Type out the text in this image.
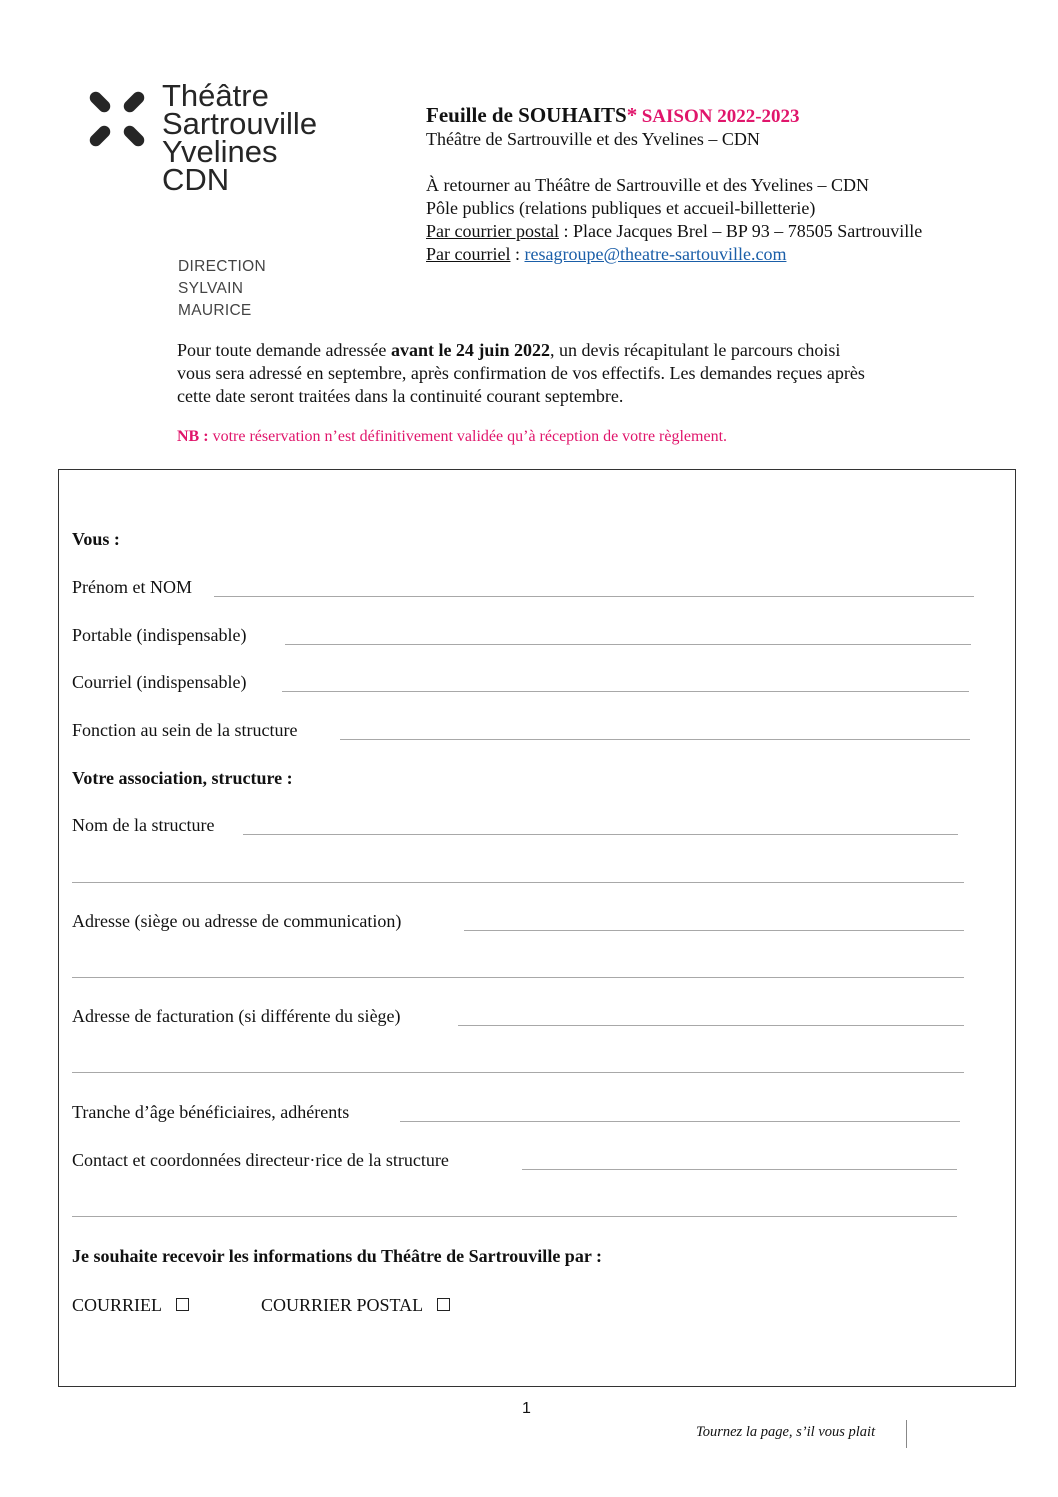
Théâtre
Sartrouville
Yvelines
CDN
DIRECTION
SYLVAIN
MAURICE
Feuille de SOUHAITS* SAISON 2022-2023
Théâtre de Sartrouville et des Yvelines – CDN
À retourner au Théâtre de Sartrouville et des Yvelines – CDN
Pôle publics (relations publiques et accueil-billetterie)
Par courrier postal : Place Jacques Brel – BP 93 – 78505 Sartrouville
Par courriel : resagroupe@theatre-sartouville.com
Pour toute demande adressée avant le 24 juin 2022, un devis récapitulant le parcours choisi
vous sera adressé en septembre, après confirmation de vos effectifs. Les demandes reçues après
cette date seront traitées dans la continuité courant septembre.
NB : votre réservation n’est définitivement validée qu’à réception de votre règlement.
Vous :
Prénom et NOM
Portable (indispensable)
Courriel (indispensable)
Fonction au sein de la structure
Votre association, structure :
Nom de la structure
Adresse (siège ou adresse de communication)
Adresse de facturation (si différente du siège)
Tranche d’âge bénéficiaires, adhérents
Contact et coordonnées directeur·rice de la structure
Je souhaite recevoir les informations du Théâtre de Sartrouville par :
COURRIEL	COURRIER POSTAL
1
Tournez la page, s’il vous plait
